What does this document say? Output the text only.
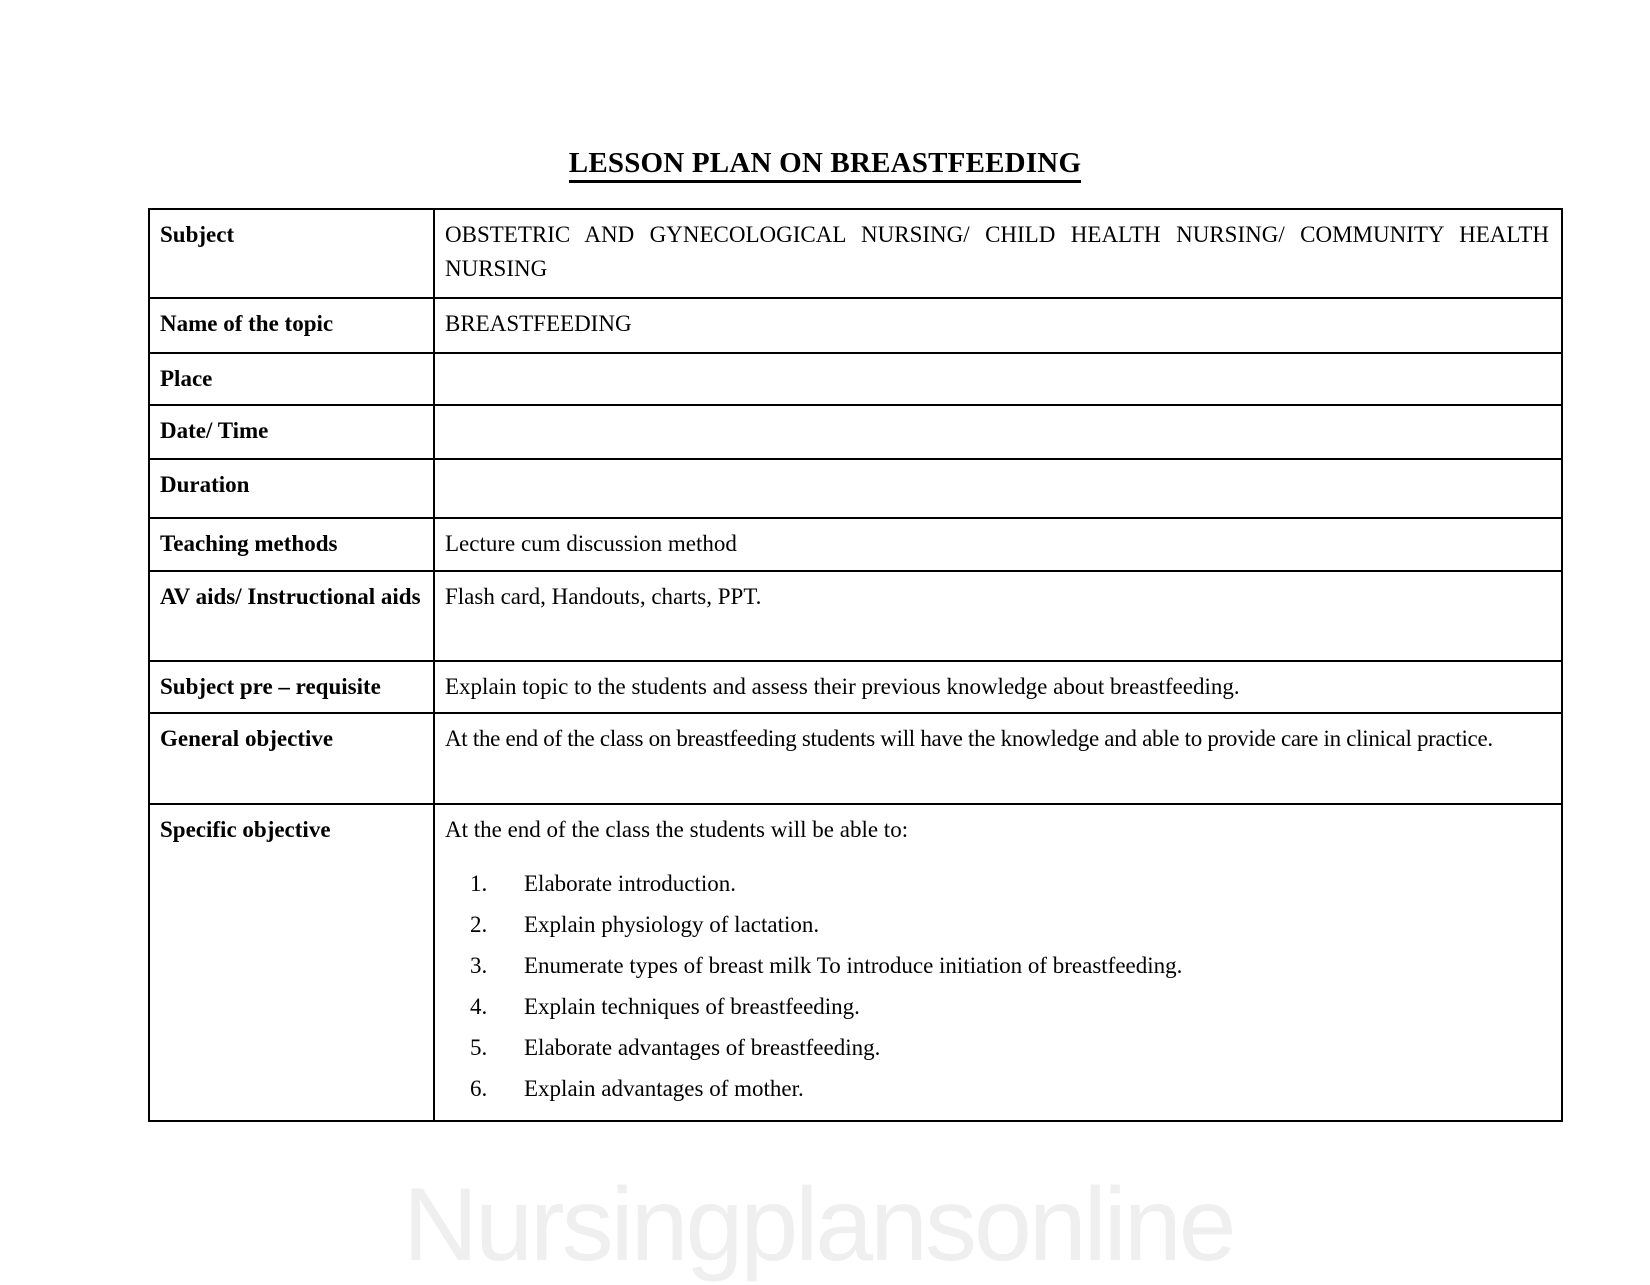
LESSON PLAN ON BREASTFEEDING
Subject	OBSTETRIC AND GYNECOLOGICAL NURSING/ CHILD HEALTH NURSING/ COMMUNITY HEALTH NURSING
Name of the topic	BREASTFEEDING
Place	
Date/ Time	
Duration	
Teaching methods	Lecture cum discussion method
AV aids/ Instructional aids	Flash card, Handouts, charts, PPT.
Subject pre – requisite	Explain topic to the students and assess their previous knowledge about breastfeeding.
General objective	At the end of the class on breastfeeding students will have the knowledge and able to provide care in clinical practice.
Specific objective	At the end of the class the students will be able to:
Elaborate introduction.
Explain physiology of lactation.
Enumerate types of breast milk To introduce initiation of breastfeeding.
Explain techniques of breastfeeding.
Elaborate advantages of breastfeeding.
Explain advantages of mother.
Nursingplansonline
